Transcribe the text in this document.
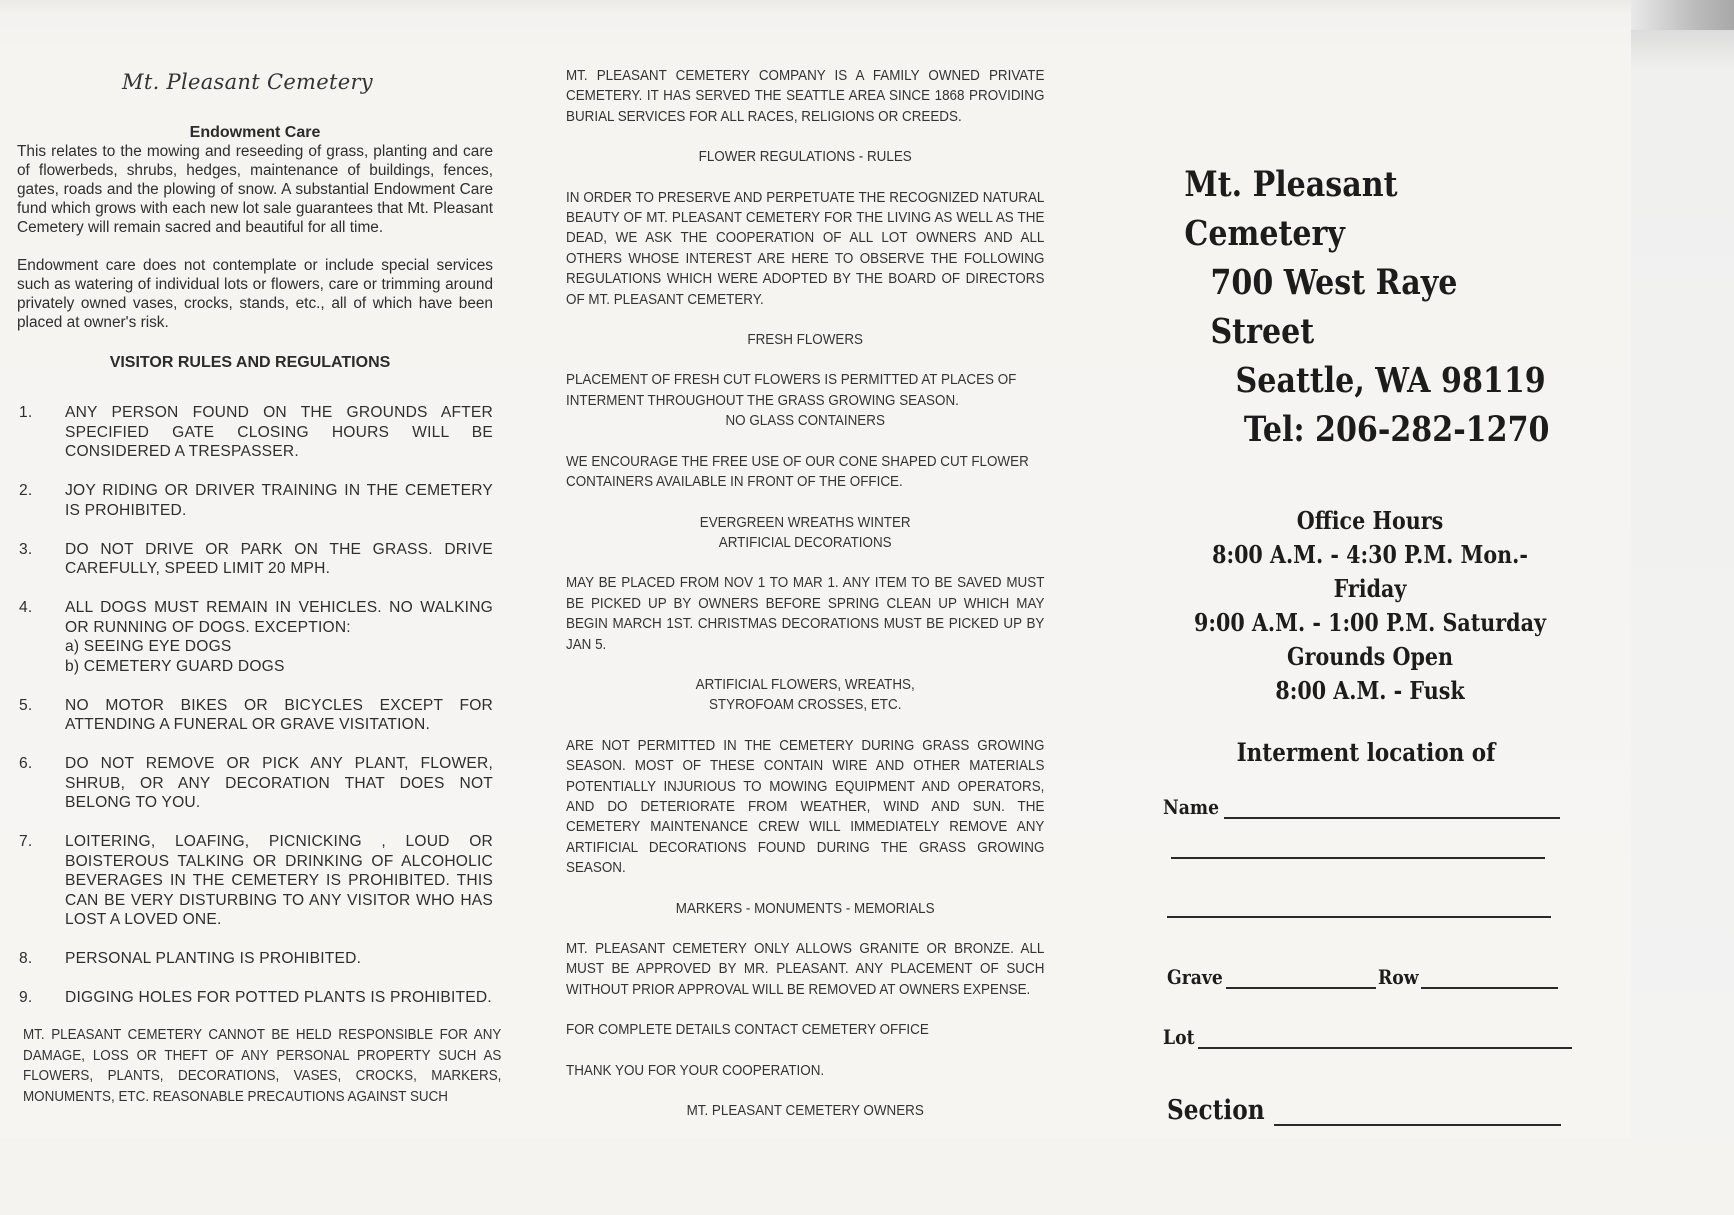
Mt. Pleasant Cemetery
Endowment Care
This relates to the mowing and reseeding of grass, planting and care of flowerbeds, shrubs, hedges, maintenance of buildings, fences, gates, roads and the plowing of snow. A substantial Endowment Care fund which grows with each new lot sale guarantees that Mt. Pleasant Cemetery will remain sacred and beautiful for all time.
Endowment care does not contemplate or include special services such as watering of individual lots or flowers, care or trimming around privately owned vases, crocks, stands, etc., all of which have been placed at owner's risk.
VISITOR RULES AND REGULATIONS
1.	ANY PERSON FOUND ON THE GROUNDS AFTER SPECIFIED GATE CLOSING HOURS WILL BE CONSIDERED A TRESPASSER.
2.	JOY RIDING OR DRIVER TRAINING IN THE CEMETERY IS PROHIBITED.
3.	DO NOT DRIVE OR PARK ON THE GRASS. DRIVE CAREFULLY, SPEED LIMIT 20 MPH.
4.	ALL DOGS MUST REMAIN IN VEHICLES. NO WALKING OR RUNNING OF DOGS. EXCEPTION:
a) SEEING EYE DOGS
b) CEMETERY GUARD DOGS
5.	NO MOTOR BIKES OR BICYCLES EXCEPT FOR ATTENDING A FUNERAL OR GRAVE VISITATION.
6.	DO NOT REMOVE OR PICK ANY PLANT, FLOWER, SHRUB, OR ANY DECORATION THAT DOES NOT BELONG TO YOU.
7.	LOITERING, LOAFING, PICNICKING , LOUD OR BOISTEROUS TALKING OR DRINKING OF ALCOHOLIC BEVERAGES IN THE CEMETERY IS PROHIBITED. THIS CAN BE VERY DISTURBING TO ANY VISITOR WHO HAS LOST A LOVED ONE.
8.	PERSONAL PLANTING IS PROHIBITED.
9.	DIGGING HOLES FOR POTTED PLANTS IS PROHIBITED.
MT. PLEASANT CEMETERY CANNOT BE HELD RESPONSIBLE FOR ANY DAMAGE, LOSS OR THEFT OF ANY PERSONAL PROPERTY SUCH AS FLOWERS, PLANTS, DECORATIONS, VASES, CROCKS, MARKERS, MONUMENTS, ETC. REASONABLE PRECAUTIONS AGAINST SUCH
MT. PLEASANT CEMETERY COMPANY IS A FAMILY OWNED PRIVATE CEMETERY. IT HAS SERVED THE SEATTLE AREA SINCE 1868 PROVIDING BURIAL SERVICES FOR ALL RACES, RELIGIONS OR CREEDS.
FLOWER REGULATIONS - RULES
IN ORDER TO PRESERVE AND PERPETUATE THE RECOGNIZED NATURAL BEAUTY OF MT. PLEASANT CEMETERY FOR THE LIVING AS WELL AS THE DEAD, WE ASK THE COOPERATION OF ALL LOT OWNERS AND ALL OTHERS WHOSE INTEREST ARE HERE TO OBSERVE THE FOLLOWING REGULATIONS WHICH WERE ADOPTED BY THE BOARD OF DIRECTORS OF MT. PLEASANT CEMETERY.
FRESH FLOWERS
PLACEMENT OF FRESH CUT FLOWERS IS PERMITTED AT PLACES OF INTERMENT THROUGHOUT THE GRASS GROWING SEASON.
NO GLASS CONTAINERS
WE ENCOURAGE THE FREE USE OF OUR CONE SHAPED CUT FLOWER CONTAINERS AVAILABLE IN FRONT OF THE OFFICE.
EVERGREEN WREATHS WINTER
ARTIFICIAL DECORATIONS
MAY BE PLACED FROM NOV 1 TO MAR 1. ANY ITEM TO BE SAVED MUST BE PICKED UP BY OWNERS BEFORE SPRING CLEAN UP WHICH MAY BEGIN MARCH 1ST. CHRISTMAS DECORATIONS MUST BE PICKED UP BY JAN 5.
ARTIFICIAL FLOWERS, WREATHS,
STYROFOAM CROSSES, ETC.
ARE NOT PERMITTED IN THE CEMETERY DURING GRASS GROWING SEASON. MOST OF THESE CONTAIN WIRE AND OTHER MATERIALS POTENTIALLY INJURIOUS TO MOWING EQUIPMENT AND OPERATORS, AND DO DETERIORATE FROM WEATHER, WIND AND SUN. THE CEMETERY MAINTENANCE CREW WILL IMMEDIATELY REMOVE ANY ARTIFICIAL DECORATIONS FOUND DURING THE GRASS GROWING SEASON.
MARKERS - MONUMENTS - MEMORIALS
MT. PLEASANT CEMETERY ONLY ALLOWS GRANITE OR BRONZE. ALL MUST BE APPROVED BY MR. PLEASANT. ANY PLACEMENT OF SUCH WITHOUT PRIOR APPROVAL WILL BE REMOVED AT OWNERS EXPENSE.
FOR COMPLETE DETAILS CONTACT CEMETERY OFFICE
THANK YOU FOR YOUR COOPERATION.
MT. PLEASANT CEMETERY OWNERS
Mt. Pleasant Cemetery
700 West Raye Street
Seattle, WA 98119
Tel: 206-282-1270
Office Hours
8:00 A.M. - 4:30 P.M. Mon.-Friday
9:00 A.M. - 1:00 P.M. Saturday
Grounds Open
8:00 A.M. - Fusk
Interment location of
Name
Grave	Row
Lot
Section
